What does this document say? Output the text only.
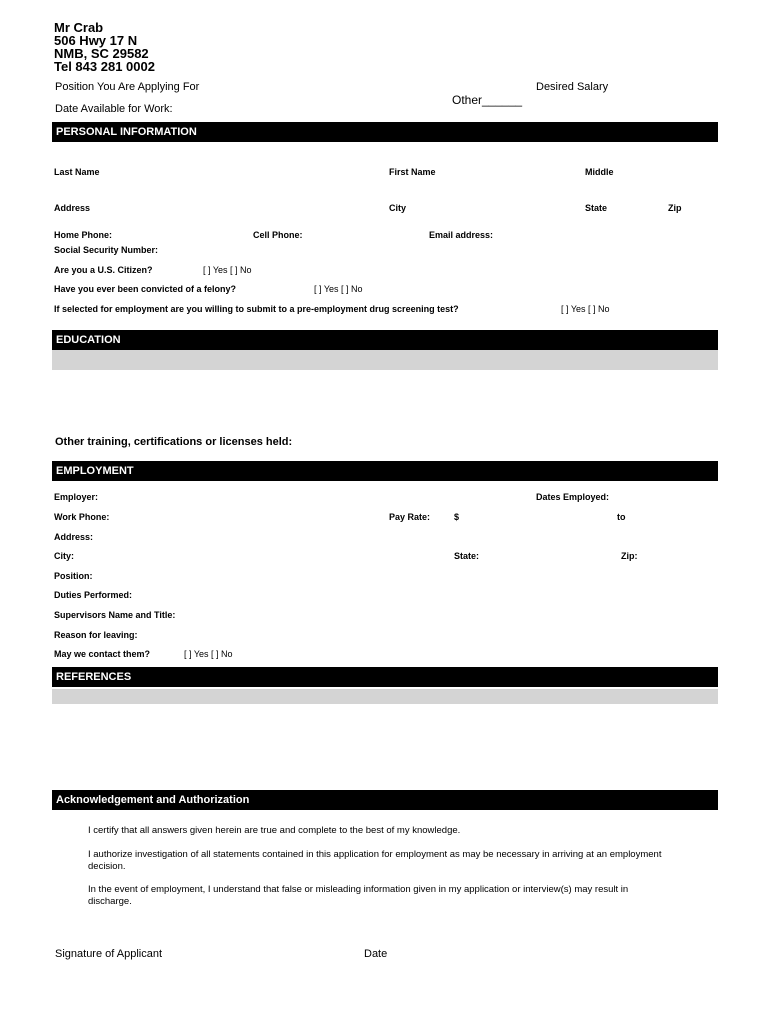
Mr Crab
506 Hwy 17 N
NMB, SC 29582
Tel 843 281 0002
Position You Are Applying For	Desired Salary
Other______
Date Available for Work:
PERSONAL INFORMATION
Last Name	First Name	Middle
Address	City	State	Zip
Home Phone:	Cell Phone:	Email address:
Social Security Number:
Are you a U.S. Citizen?	[ ] Yes [ ] No
Have you ever been convicted of a felony?	[ ] Yes [ ] No
If selected for employment are you willing to submit to a pre-employment drug screening test?	[ ] Yes [ ] No
EDUCATION
Other training, certifications or licenses held:
EMPLOYMENT
Employer:	Dates Employed:
Work Phone:	Pay Rate:	$	to
Address:
City:	State:	Zip:
Position:
Duties Performed:
Supervisors Name and Title:
Reason for leaving:
May we contact them?	[ ] Yes [ ] No
REFERENCES
Acknowledgement and Authorization
I certify that all answers given herein are true and complete to the best of my knowledge.
I authorize investigation of all statements contained in this application for employment as may be necessary in arriving at an employment decision.
In the event of employment, I understand that false or misleading information given in my application or interview(s) may result in discharge.
Signature of Applicant	Date
